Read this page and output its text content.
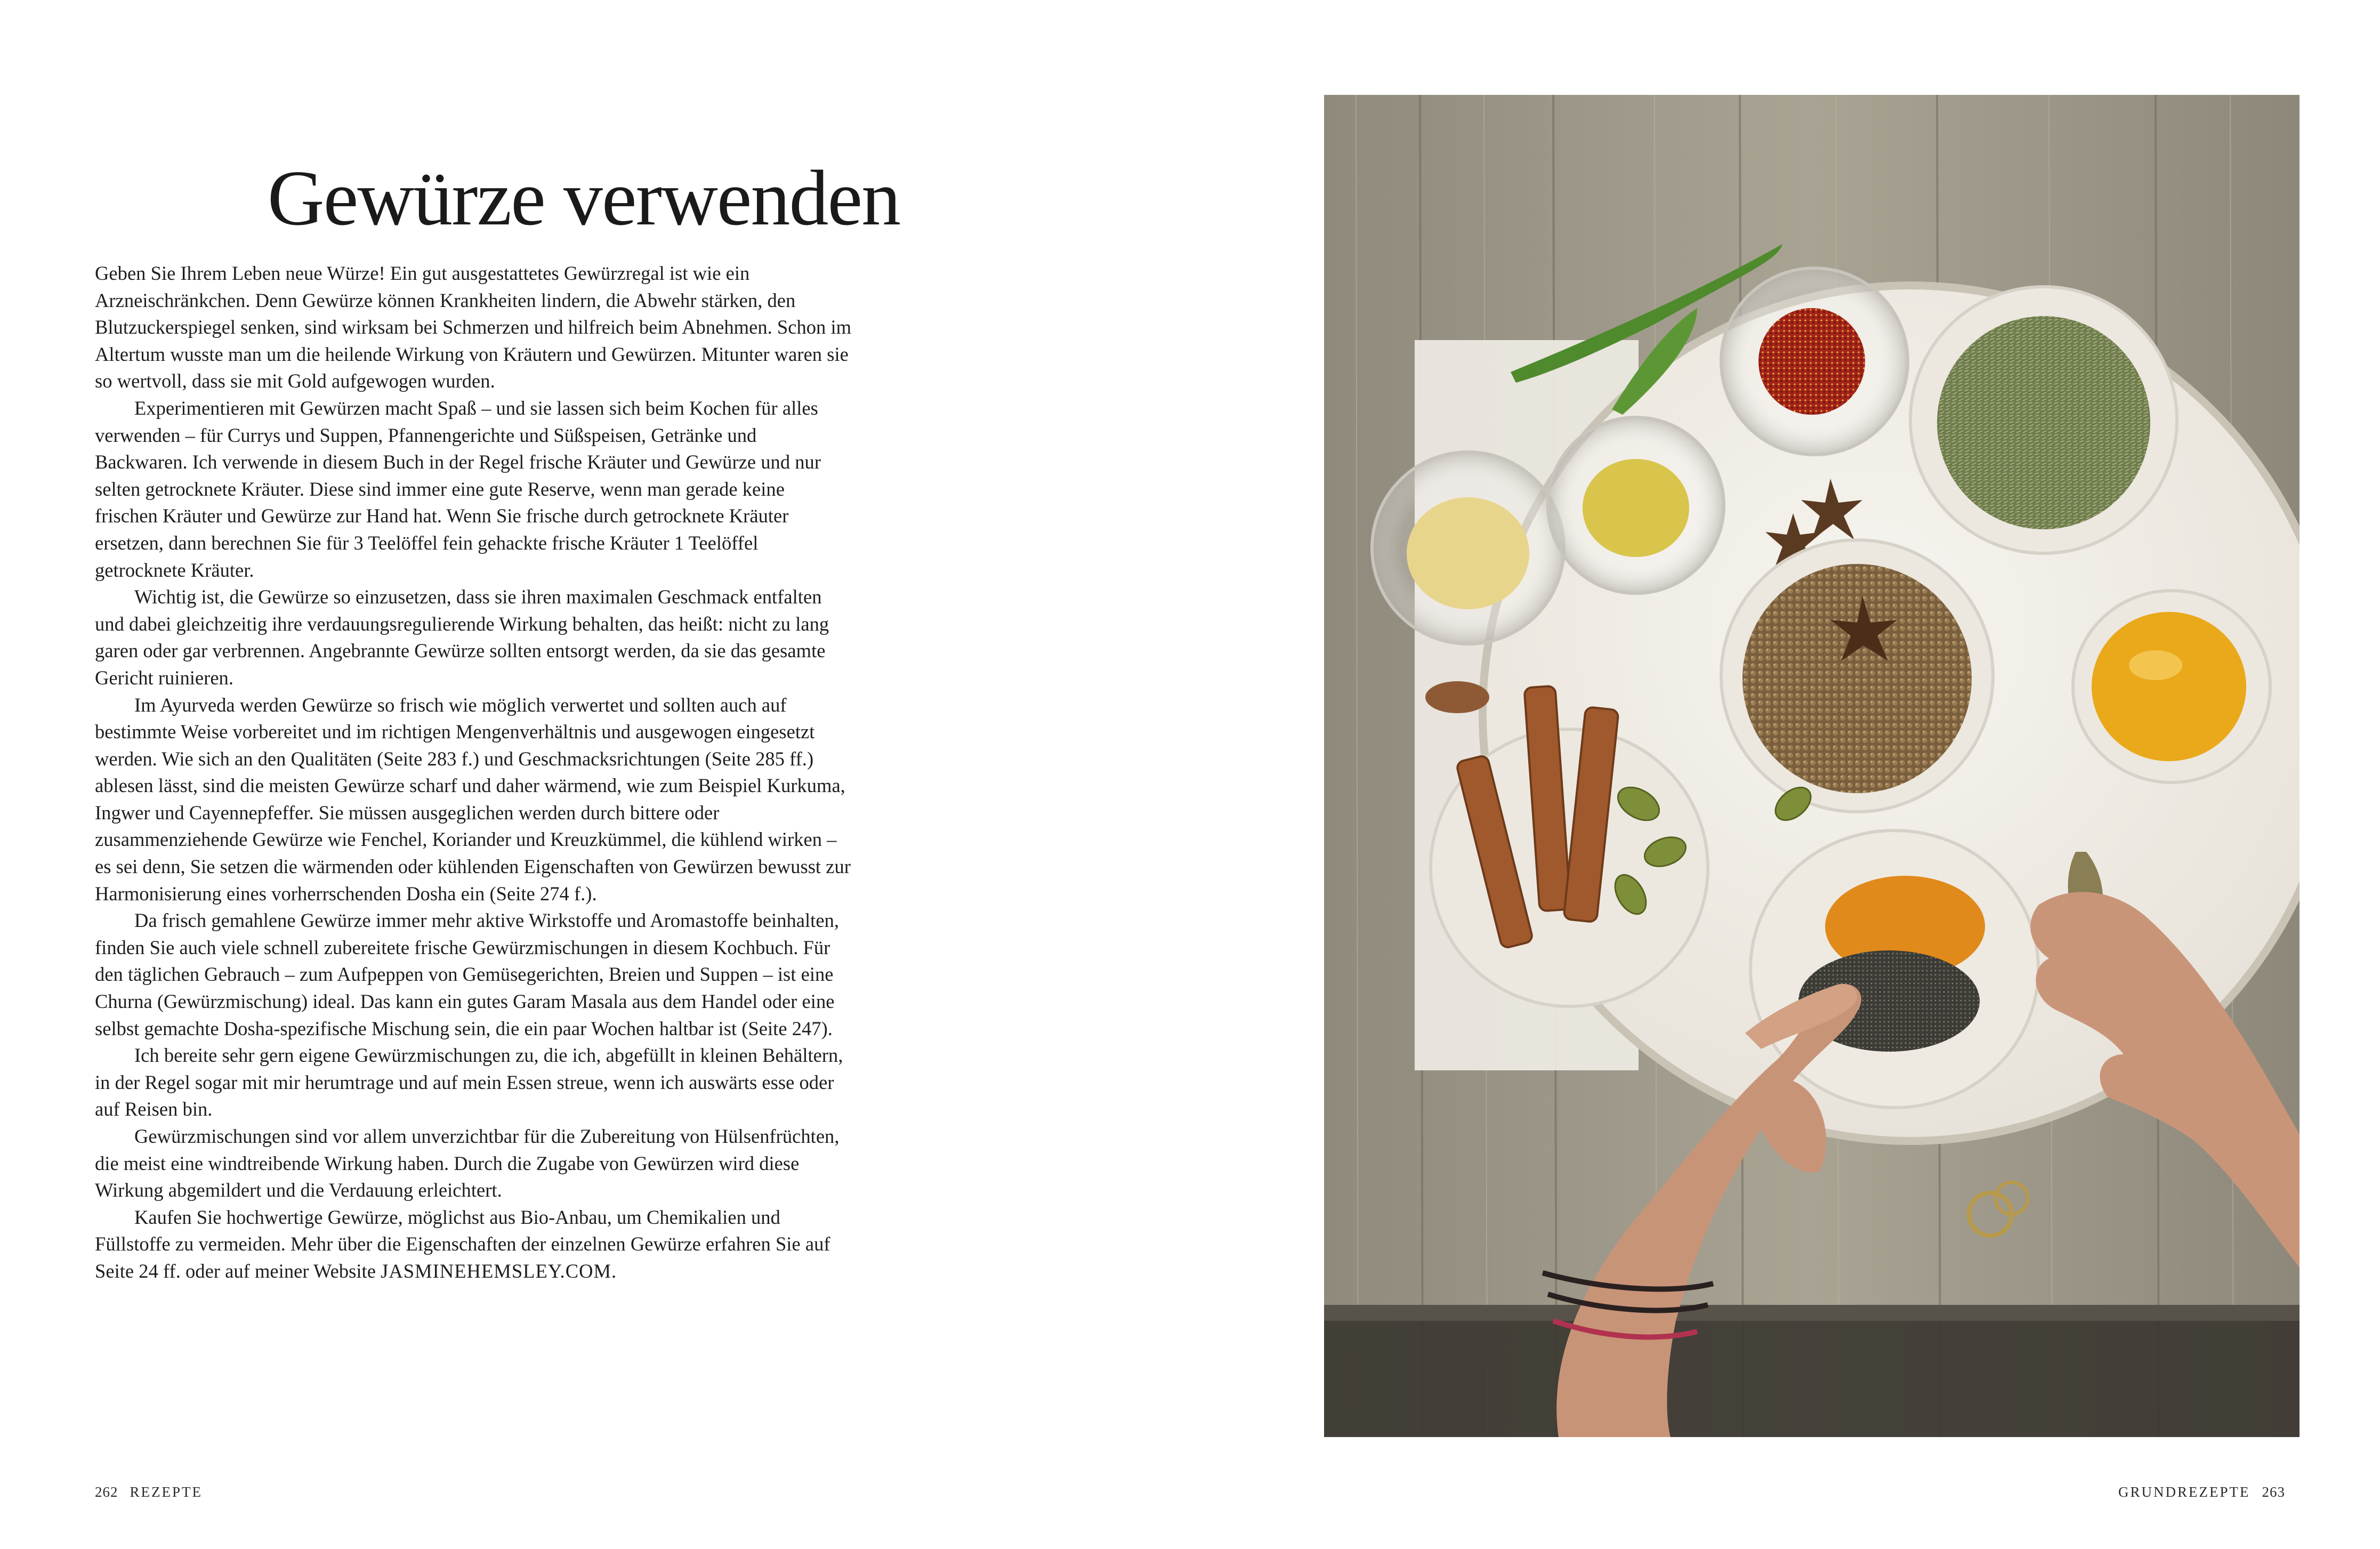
Gewürze verwenden

Geben Sie Ihrem Leben neue Würze! Ein gut ausgestattetes Gewürzregal ist wie ein Arzneischränkchen. Denn Gewürze können Krankheiten lindern, die Abwehr stärken, den Blutzuckerspiegel senken, sind wirksam bei Schmerzen und hilfreich beim Abnehmen. Schon im Altertum wusste man um die heilende Wirkung von Kräutern und Gewürzen. Mitunter waren sie so wertvoll, dass sie mit Gold aufgewogen wurden.

Experimentieren mit Gewürzen macht Spaß – und sie lassen sich beim Kochen für alles verwenden – für Currys und Suppen, Pfannengerichte und Süßspeisen, Getränke und Backwaren. Ich verwende in diesem Buch in der Regel frische Kräuter und Gewürze und nur selten getrocknete Kräuter. Diese sind immer eine gute Reserve, wenn man gerade keine frischen Kräuter und Gewürze zur Hand hat. Wenn Sie frische durch getrocknete Kräuter ersetzen, dann berechnen Sie für 3 Teelöffel fein gehackte frische Kräuter 1 Teelöffel getrocknete Kräuter.

Wichtig ist, die Gewürze so einzusetzen, dass sie ihren maximalen Geschmack entfalten und dabei gleichzeitig ihre verdauungsregulierende Wirkung behalten, das heißt: nicht zu lang garen oder gar verbrennen. Angebrannte Gewürze sollten entsorgt werden, da sie das gesamte Gericht ruinieren.

Im Ayurveda werden Gewürze so frisch wie möglich verwertet und sollten auch auf bestimmte Weise vorbereitet und im richtigen Mengenverhältnis und ausgewogen eingesetzt werden. Wie sich an den Qualitäten (Seite 283 f.) und Geschmacksrichtungen (Seite 285 ff.) ablesen lässt, sind die meisten Gewürze scharf und daher wärmend, wie zum Beispiel Kurkuma, Ingwer und Cayennepfeffer. Sie müssen ausgeglichen werden durch bittere oder zusammenziehende Gewürze wie Fenchel, Koriander und Kreuzkümmel, die kühlend wirken – es sei denn, Sie setzen die wärmenden oder kühlenden Eigenschaften von Gewürzen bewusst zur Harmonisierung eines vorherrschenden Dosha ein (Seite 274 f.).

Da frisch gemahlene Gewürze immer mehr aktive Wirkstoffe und Aromastoffe beinhalten, finden Sie auch viele schnell zubereitete frische Gewürzmischungen in diesem Kochbuch. Für den täglichen Gebrauch – zum Aufpeppen von Gemüsegerichten, Breien und Suppen – ist eine Churna (Gewürzmischung) ideal. Das kann ein gutes Garam Masala aus dem Handel oder eine selbst gemachte Dosha-spezifische Mischung sein, die ein paar Wochen haltbar ist (Seite 247).

Ich bereite sehr gern eigene Gewürzmischungen zu, die ich, abgefüllt in kleinen Behältern, in der Regel sogar mit mir herumtrage und auf mein Essen streue, wenn ich auswärts esse oder auf Reisen bin.

Gewürzmischungen sind vor allem unverzichtbar für die Zubereitung von Hülsenfrüchten, die meist eine windtreibende Wirkung haben. Durch die Zugabe von Gewürzen wird diese Wirkung abgemildert und die Verdauung erleichtert.

Kaufen Sie hochwertige Gewürze, möglichst aus Bio-Anbau, um Chemikalien und Füllstoffe zu vermeiden. Mehr über die Eigenschaften der einzelnen Gewürze erfahren Sie auf Seite 24 ff. oder auf meiner Website JASMINEHEMSLEY.COM.

262 REZEPTE	GRUNDREZEPTE 263
